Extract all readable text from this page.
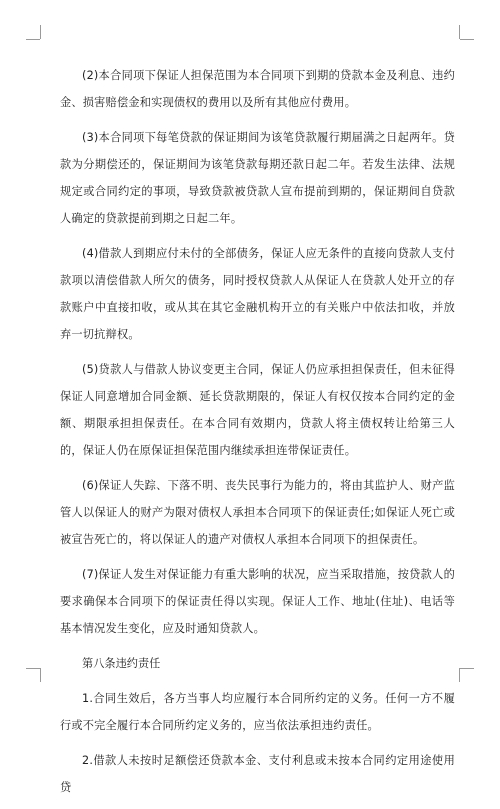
(2)本合同项下保证人担保范围为本合同项下到期的贷款本金及利息、违约金、损害赔偿金和实现债权的费用以及所有其他应付费用。

(3)本合同项下每笔贷款的保证期间为该笔贷款履行期届满之日起两年。贷款为分期偿还的，保证期间为该笔贷款每期还款日起二年。若发生法律、法规规定或合同约定的事项，导致贷款被贷款人宣布提前到期的，保证期间自贷款人确定的贷款提前到期之日起二年。

(4)借款人到期应付未付的全部债务，保证人应无条件的直接向贷款人支付款项以清偿借款人所欠的债务，同时授权贷款人从保证人在贷款人处开立的存款账户中直接扣收，或从其在其它金融机构开立的有关账户中依法扣收，并放弃一切抗辩权。

(5)贷款人与借款人协议变更主合同，保证人仍应承担担保责任，但未征得保证人同意增加合同金额、延长贷款期限的，保证人有权仅按本合同约定的金额、期限承担担保责任。在本合同有效期内，贷款人将主债权转让给第三人的，保证人仍在原保证担保范围内继续承担连带保证责任。

(6)保证人失踪、下落不明、丧失民事行为能力的，将由其监护人、财产监管人以保证人的财产为限对债权人承担本合同项下的保证责任;如保证人死亡或被宣告死亡的，将以保证人的遗产对债权人承担本合同项下的担保责任。

(7)保证人发生对保证能力有重大影响的状况，应当采取措施，按贷款人的要求确保本合同项下的保证责任得以实现。保证人工作、地址(住址)、电话等基本情况发生变化，应及时通知贷款人。

第八条违约责任

1.合同生效后，各方当事人均应履行本合同所约定的义务。任何一方不履行或不完全履行本合同所约定义务的，应当依法承担违约责任。

2.借款人未按时足额偿还贷款本金、支付利息或未按本合同约定用途使用贷
